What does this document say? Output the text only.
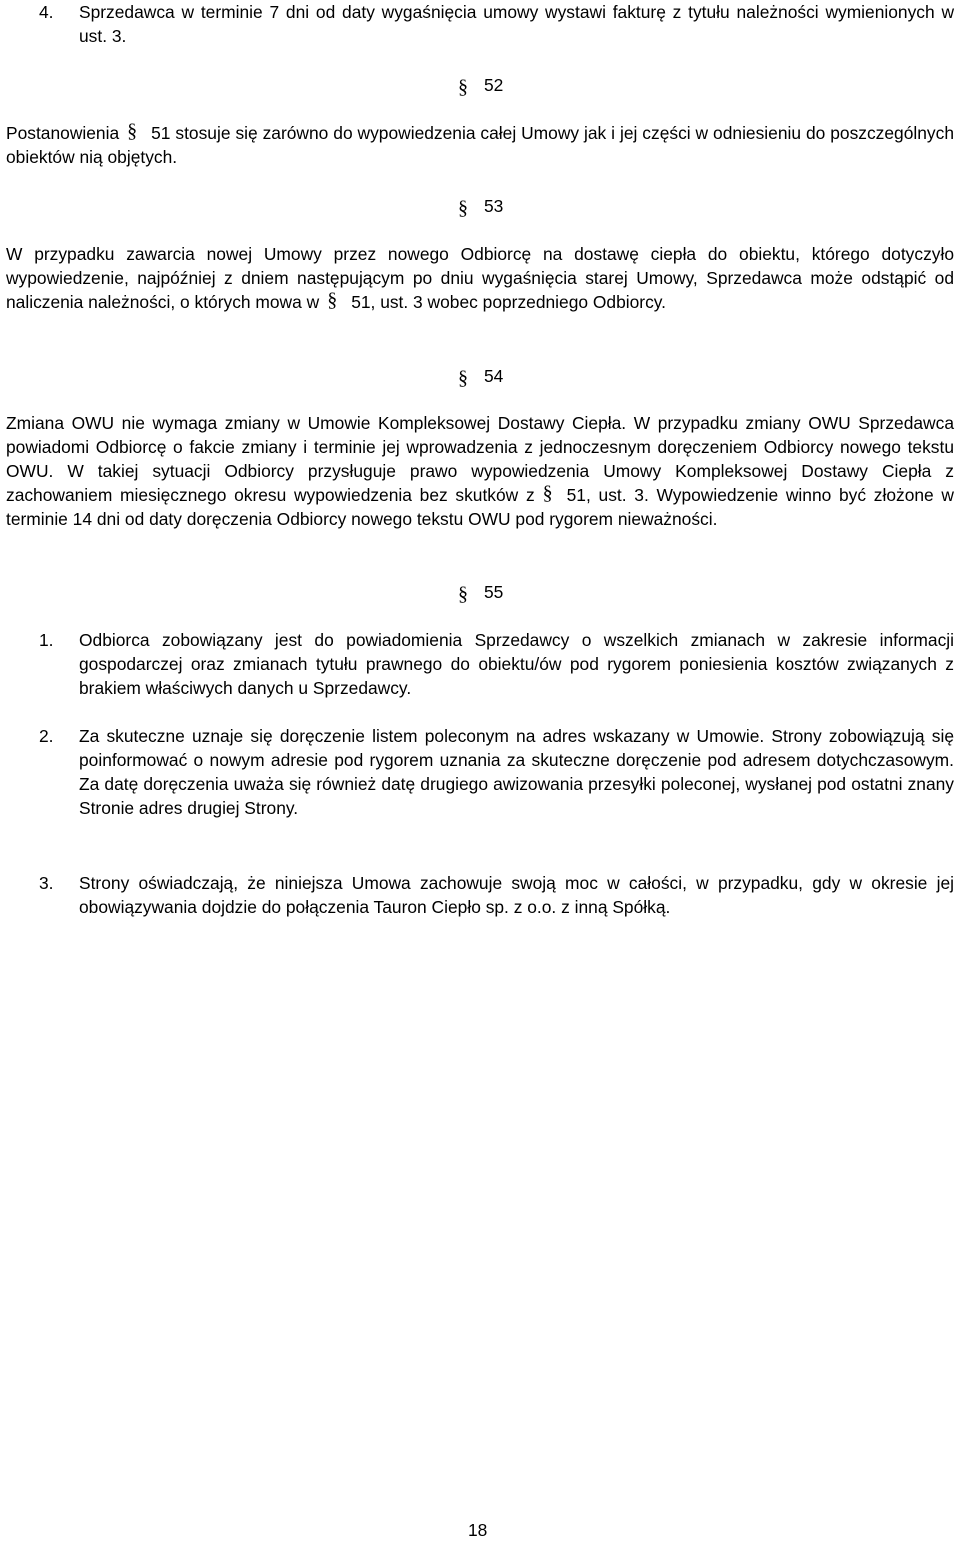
4. Sprzedawca w terminie 7 dni od daty wygaśnięcia umowy wystawi fakturę z tytułu należności wymienionych w ust. 3.

§52

Postanowienia § 51 stosuje się zarówno do wypowiedzenia całej Umowy jak i jej części w odniesieniu do poszczególnych obiektów nią objętych.

§53

W przypadku zawarcia nowej Umowy przez nowego Odbiorcę na dostawę ciepła do obiektu, którego dotyczyło wypowiedzenie, najpóźniej z dniem następującym po dniu wygaśnięcia starej Umowy, Sprzedawca może odstąpić od naliczenia należności, o których mowa w § 51, ust. 3 wobec poprzedniego Odbiorcy.

§54

Zmiana OWU nie wymaga zmiany w Umowie Kompleksowej Dostawy Ciepła. W przypadku zmiany OWU Sprzedawca powiadomi Odbiorcę o fakcie zmiany i terminie jej wprowadzenia z jednoczesnym doręczeniem Odbiorcy nowego tekstu OWU. W takiej sytuacji Odbiorcy przysługuje prawo wypowiedzenia Umowy Kompleksowej Dostawy Ciepła z zachowaniem miesięcznego okresu wypowiedzenia bez skutków z § 51, ust. 3. Wypowiedzenie winno być złożone w terminie 14 dni od daty doręczenia Odbiorcy nowego tekstu OWU pod rygorem nieważności.

§55
1. Odbiorca zobowiązany jest do powiadomienia Sprzedawcy o wszelkich zmianach w zakresie informacji gospodarczej oraz zmianach tytułu prawnego do obiektu/ów pod rygorem poniesienia kosztów związanych z brakiem właściwych danych u Sprzedawcy.

2. Za skuteczne uznaje się doręczenie listem poleconym na adres wskazany w Umowie. Strony zobowiązują się poinformować o nowym adresie pod rygorem uznania za skuteczne doręczenie pod adresem dotychczasowym. Za datę doręczenia uważa się również datę drugiego awizowania przesyłki poleconej, wysłanej pod ostatni znany Stronie adres drugiej Strony.

3. Strony oświadczają, że niniejsza Umowa zachowuje swoją moc w całości, w przypadku, gdy w okresie jej obowiązywania dojdzie do połączenia Tauron Ciepło sp. z o.o. z inną Spółką.

18
